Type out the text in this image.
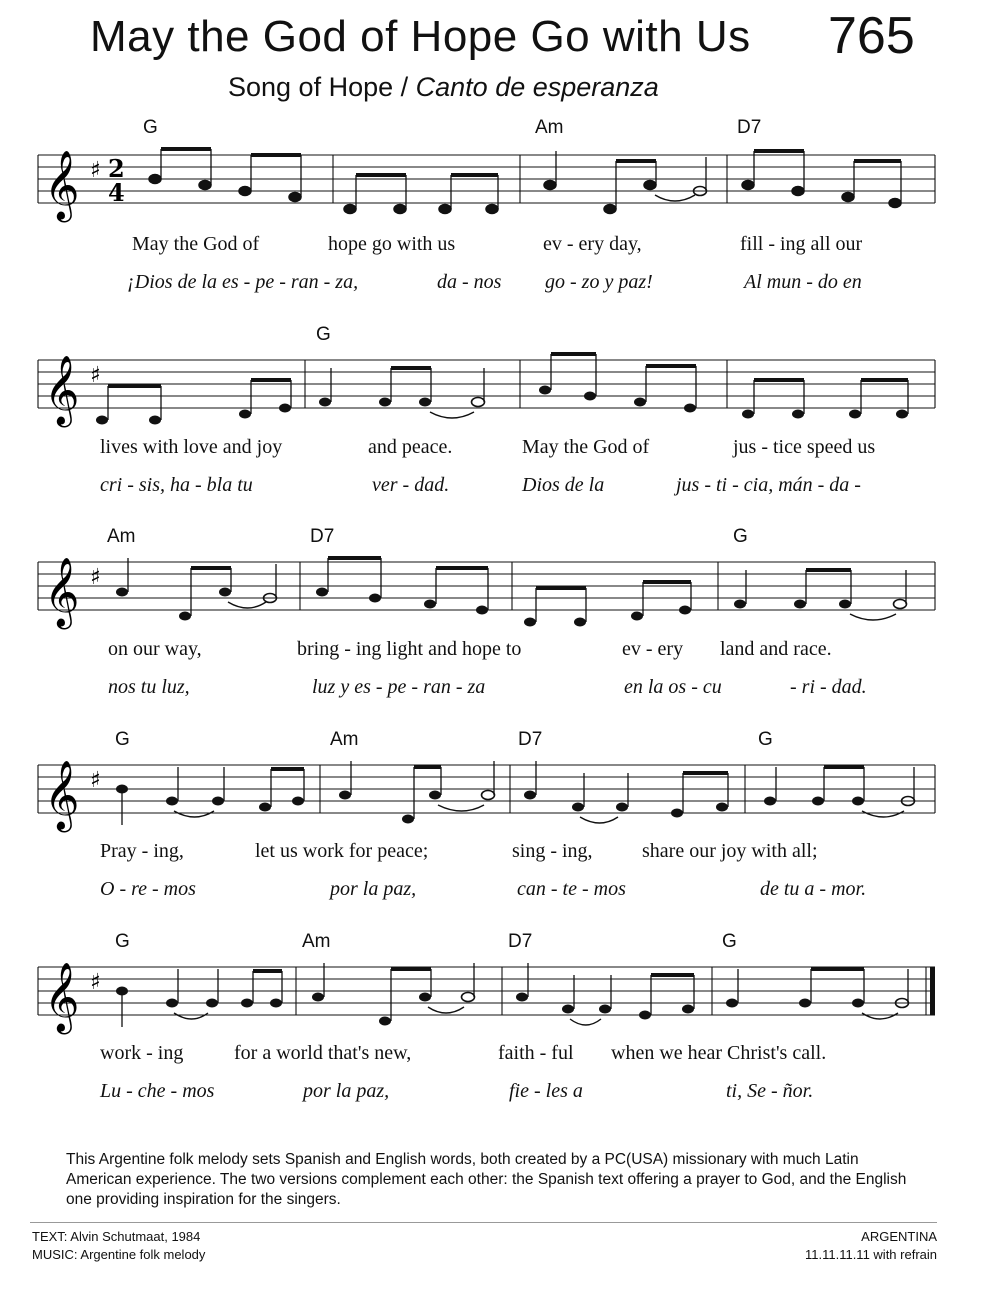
May the God of Hope Go with Us 765
Song of Hope / Canto de esperanza
𝄞 ♯ 2
4
G	Am	D7
May the God of	hope go with us	ev - ery day,	fill - ing all our
¡Dios de la es - pe - ran - za,	da - nos go - zo y paz!	Al mun - do en
𝄞 ♯
G
lives with love and joy	and peace.	May the God of	jus - tice speed us
cri - sis, ha - bla tu	ver - dad.	Dios de la	jus - ti - cia, mán - da -
𝄞 ♯
Am	D7	G
on our way,	bring - ing light and hope to	ev - ery land and race.
nos tu luz,	luz y es - pe - ran - za	en la os - cu	- ri - dad.
𝄞 ♯
G	Am	D7	G
Pray - ing,	let us work for peace;	sing - ing, share our joy with all;
O - re - mos	por la paz,	can - te - mos	de tu a - mor.
𝄞 ♯
G	Am	D7	G
work - ing	for a world that's new,	faith - ful when we hear Christ's call.
Lu - che - mos	por la paz,	fie - les a	ti, Se - ñor.
This Argentine folk melody sets Spanish and English words, both created by a PC(USA) missionary with much Latin American experience. The two versions complement each other: the Spanish text offering a prayer to God, and the English one providing inspiration for the singers.
TEXT: Alvin Schutmaat, 1984
MUSIC: Argentine folk melody
ARGENTINA
11.11.11.11 with refrain
